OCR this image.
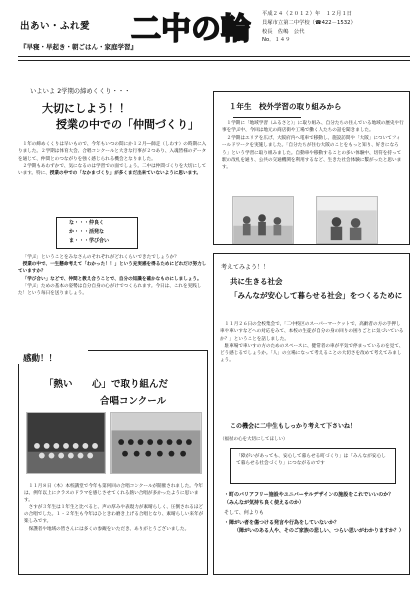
出あい・ふれ愛 二中の輪
『早寝・早起き・朝ごはん・家庭学習』
平成２４（２０１２）年　１２月１日
貝塚市立第二中学校（☎422－1532）
校長　佐嶋　公代
No．１４９
いよいよ 2学期の締めくくり・・・
大切にしよう！！
授業の中での「仲間づくり」

１年の締めくくりは早いもので、今年もいつの間にか１２月―師走（しわす）の時期に入りました。２学期は体育大会、合唱コンクールと大きな行事が２つあり、入魂皆様のデータを通じて、仲間とのつながりを強く感じられる機会となりました。

２学期もあわずかで、気になるのは学習での面でしょう。二中は仲間づくりを大切にしています。特に、授業の中での「なかまづくり」が多くまだ出来ていないように思います。

な・・・仲良く
か・・・活発な
ま・・・学び合い

「学ぶ」ということをみなさんのそれぞれがどれくらいできたでしょうか？

授業の中で、一生懸命考えて「わかった！！」という充実感を得るためにどれだけ努力していますか？

「学び合い」などで、仲間と教え合うことで、自分の知識を確かなものにしましょう。

「学ぶ」ための基本の姿勢は自分自身の心がけでつくられます。今日は、これを実践した！という毎日を送りましょう。

１年生　校外学習の取り組みから

１学期に「地域学習（ふるさと）」に取り組み、自分たちの住んでいる地域の歴史や行事を学ぶ中、今回は地元の商店街や工場で働く人たちの話を聞きました。

２学期はエリアを広げ、大阪府内へ電車で移動し、施設訪問や「大阪」についてフィールドワークを実施しました。「自分たちが住む大阪のことをもっと知り、好きになろう」という学習に取り組みました。自動車や移動することの多い体験中、切符を持って駅の改札を通り、公共の交通機関を利用するなど、生きた社会体験に繋がったと思います。

感動！！
「熱い 心」で取り組んだ
合唱コンクール

１１月８日（木）本校講堂で今年も第何回の合唱コンクールが開催されました。今年は、例年以上にクラスのドラマを感じさせてくれる熱い合唱が多かったように思います。

さすが３年生は１年生と比べると、声の厚みや表現力が素晴らしく、圧倒されるほどの合唱でした。１・２年生も今年はひときわ磨き上げる合唱となり、素晴らしい来年が楽しみです。

保護者や地域の皆さんには多くの参観をいただき、ありがとうございました。

考えてみよう！！
共に生きる社会
「みんなが安心して暮らせる社会」をつくるために

１１月２６日の全校集会で、「二中校区のスーパーマーケットで、高齢者の方の手押し車や車いすなどへの対応をみて、本校の生徒が自分の身の回りの困りごとに気づいているか？」ということを話しました。

駐車場で車いすの方のためのスペースに、健常者の車が平気で停まっているのを見て、どう感じるでしょうか。「人」の立場になって考えることの大切さを改めて考えてみましょう。

この機会に二中生もしっかり考えて下さいね！
（福祉の心を大切にしてほしい）
「障がいがあっても、安心して暮らせる町づくり」は「みんなが安心して暮らせる社会づくり」につながるのです
・町のバリアフリー施設やユニバーサルデザインの施設をこれでいいのか？（みんなが気持ち良く使えるのか）
そして、何よりも
・障がい者を傷つける発言や行為をしていないか？
（障がいのある人や、そのご家族の悲しい、つらい思いがわかりますか？）
